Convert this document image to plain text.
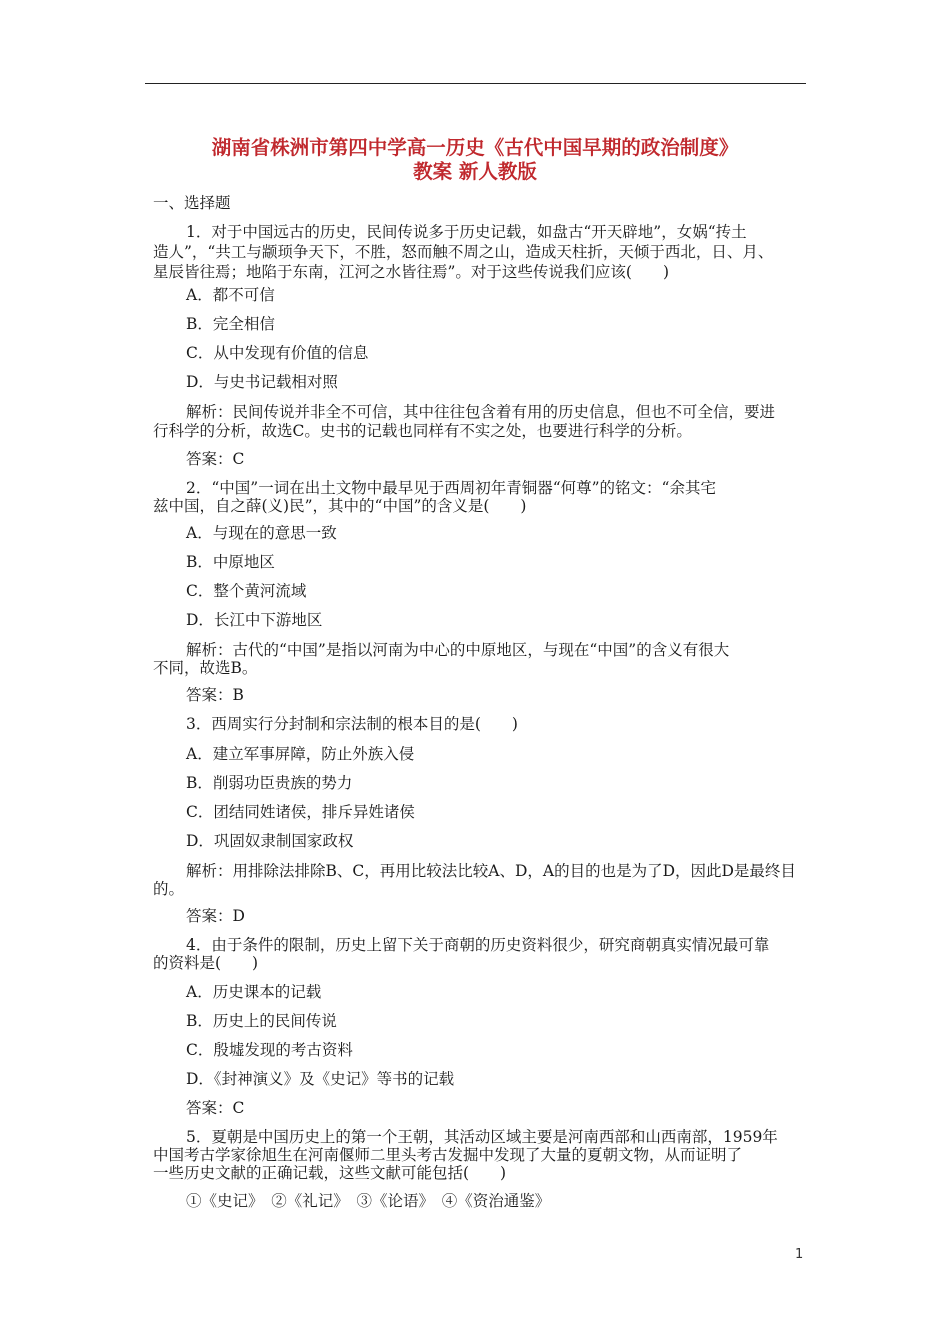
湖南省株洲市第四中学高一历史《古代中国早期的政治制度》
教案 新人教版
一、选择题
1．对于中国远古的历史，民间传说多于历史记载，如盘古“开天辟地”，女娲“抟土
造人”，“共工与颛顼争天下，不胜，怒而触不周之山，造成天柱折，天倾于西北，日、月、
星辰皆往焉；地陷于东南，江河之水皆往焉”。对于这些传说我们应该(　　)
A．都不可信
B．完全相信
C．从中发现有价值的信息
D．与史书记载相对照
解析：民间传说并非全不可信，其中往往包含着有用的历史信息，但也不可全信，要进
行科学的分析，故选C。史书的记载也同样有不实之处，也要进行科学的分析。
答案：C
2．“中国”一词在出土文物中最早见于西周初年青铜器“何尊”的铭文：“余其宅
兹中国，自之薛(义)民”，其中的“中国”的含义是(　　)
A．与现在的意思一致
B．中原地区
C．整个黄河流域
D．长江中下游地区
解析：古代的“中国”是指以河南为中心的中原地区，与现在“中国”的含义有很大
不同，故选B。
答案：B
3．西周实行分封制和宗法制的根本目的是(　　)
A．建立军事屏障，防止外族入侵
B．削弱功臣贵族的势力
C．团结同姓诸侯，排斥异姓诸侯
D．巩固奴隶制国家政权
解析：用排除法排除B、C，再用比较法比较A、D，A的目的也是为了D，因此D是最终目
的。
答案：D
4．由于条件的限制，历史上留下关于商朝的历史资料很少，研究商朝真实情况最可靠
的资料是(　　)
A．历史课本的记载
B．历史上的民间传说
C．殷墟发现的考古资料
D．《封神演义》及《史记》等书的记载
答案：C
5．夏朝是中国历史上的第一个王朝，其活动区域主要是河南西部和山西南部，1959年
中国考古学家徐旭生在河南偃师二里头考古发掘中发现了大量的夏朝文物，从而证明了
一些历史文献的正确记载，这些文献可能包括(　　)
①《史记》　②《礼记》　③《论语》　④《资治通鉴》
1
